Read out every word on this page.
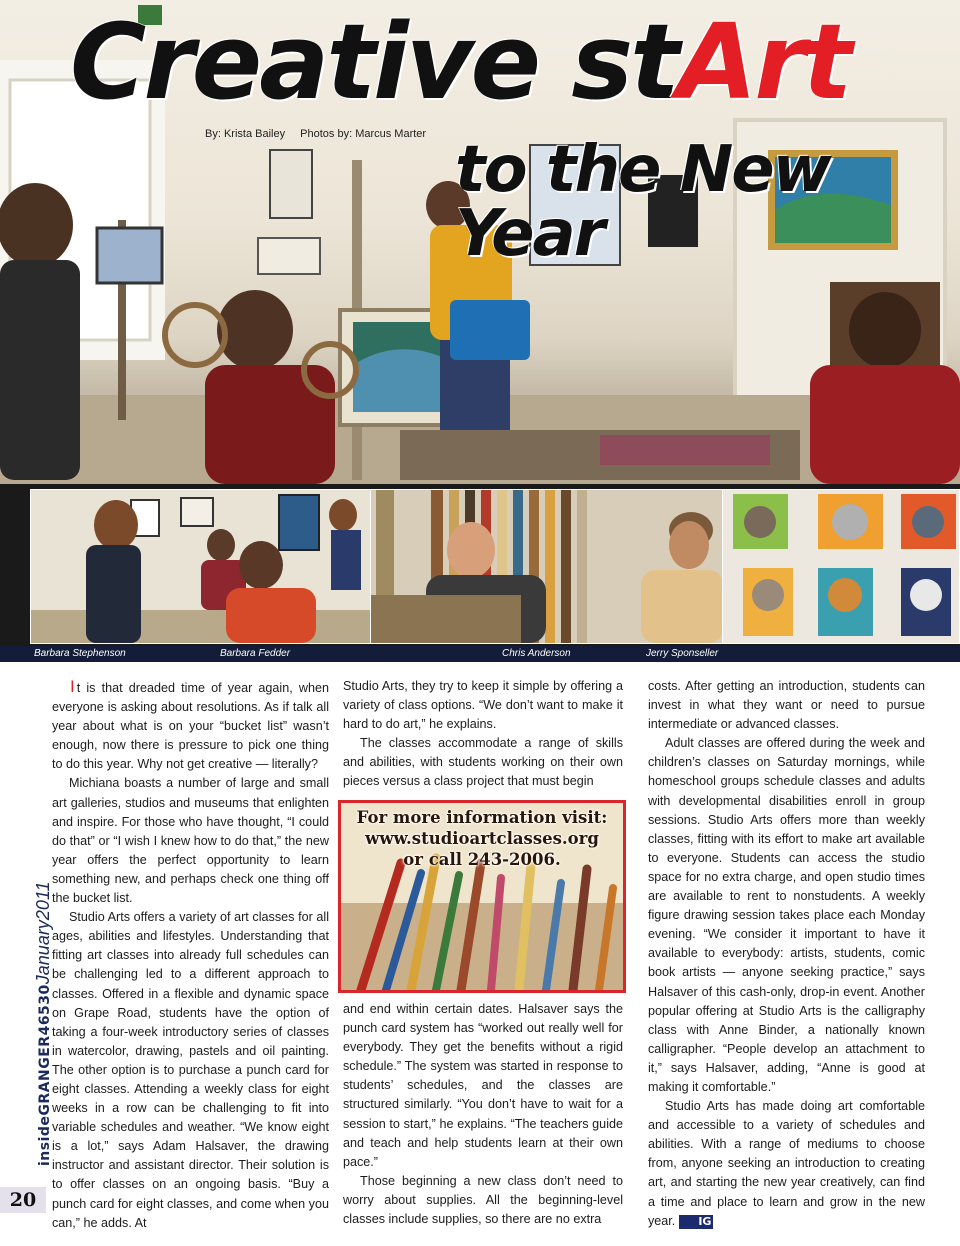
Creative stArt
By: Krista Bailey Photos by: Marcus Marter to the New Year
Barbara Stephenson	Barbara Fedder	Chris Anderson	Jerry Sponseller

I t is that dreaded time of year again, when everyone is asking about resolutions. As if talk all year about what is on your “bucket list” wasn’t enough, now there is pressure to pick one thing to do this year. Why not get creative — literally?

Michiana boasts a number of large and small art galleries, studios and museums that enlighten and inspire. For those who have thought, “I could do that” or “I wish I knew how to do that,” the new year offers the perfect opportunity to learn something new, and perhaps check one thing off the bucket list.

Studio Arts offers a variety of art classes for all ages, abilities and lifestyles. Understanding that fitting art classes into already full schedules can be challenging led to a different approach to classes. Offered in a flexible and dynamic space on Grape Road, students have the option of taking a four-week introductory series of classes in watercolor, drawing, pastels and oil painting. The other option is to purchase a punch card for eight classes. Attending a weekly class for eight weeks in a row can be challenging to fit into variable schedules and weather. “We know eight is a lot,” says Adam Halsaver, the drawing instructor and assistant director. Their solution is to offer classes on an ongoing basis. “Buy a punch card for eight classes, and come when you can,” he adds. At

Studio Arts, they try to keep it simple by offering a variety of class options. “We don’t want to make it hard to do art,” he explains.

The classes accommodate a range of skills and abilities, with students working on their own pieces versus a class project that must begin

For more information visit:
www.studioartclasses.org
or call 243-2006.

and end within certain dates. Halsaver says the punch card system has “worked out really well for everybody. They get the benefits without a rigid schedule.” The system was started in response to students’ schedules, and the classes are structured similarly. “You don’t have to wait for a session to start,” he explains. “The teachers guide and teach and help students learn at their own pace.”

Those beginning a new class don’t need to worry about supplies. All the beginning-level classes include supplies, so there are no extra

costs. After getting an introduction, students can invest in what they want or need to pursue intermediate or advanced classes.

Adult classes are offered during the week and children’s classes on Saturday mornings, while homeschool groups schedule classes and adults with developmental disabilities enroll in group sessions. Studio Arts offers more than weekly classes, fitting with its effort to make art available to everyone. Students can access the studio space for no extra charge, and open studio times are available to rent to nonstudents. A weekly figure drawing session takes place each Monday evening. “We consider it important to have it available to everybody: artists, students, comic book artists — anyone seeking practice,” says Halsaver of this cash-only, drop-in event. Another popular offering at Studio Arts is the calligraphy class with Anne Binder, a nationally known calligrapher. “People develop an attachment to it,” says Halsaver, adding, “Anne is good at making it comfortable.”

Studio Arts has made doing art comfortable and accessible to a variety of schedules and abilities. With a range of mediums to choose from, anyone seeking an introduction to creating art, and starting the new year creatively, can find a time and place to learn and grow in the new year. IG

insideGRANGER46530January2011
20
